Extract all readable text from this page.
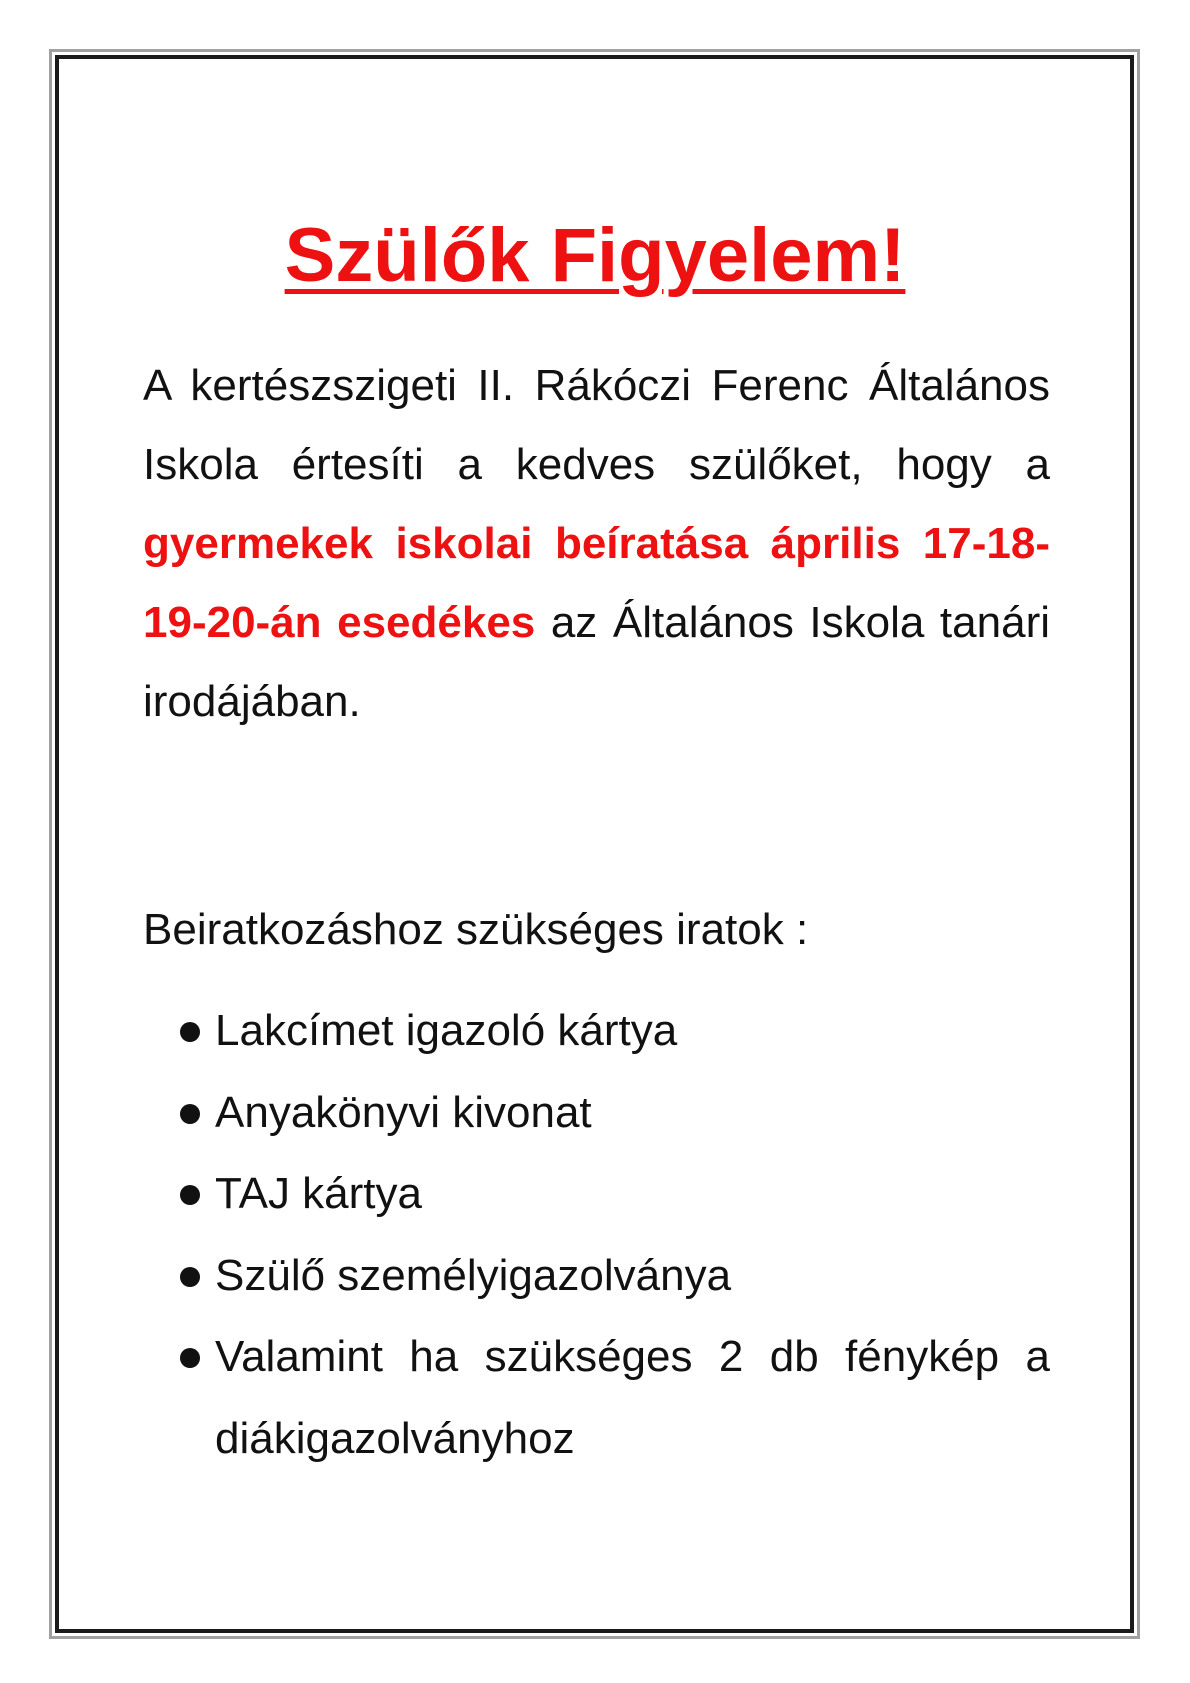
Szülők Figyelem!

A kertészszigeti II. Rákóczi Ferenc Általános Iskola értesíti a kedves szülőket, hogy a gyermekek iskolai beíratása április 17-18-19-20-án esedékes az Általános Iskola tanári irodájában.

Beiratkozáshoz szükséges iratok :

Lakcímet igazoló kártya
Anyakönyvi kivonat
TAJ kártya
Szülő személyigazolványa
Valamint ha szükséges 2 db fénykép a diákigazolványhoz
